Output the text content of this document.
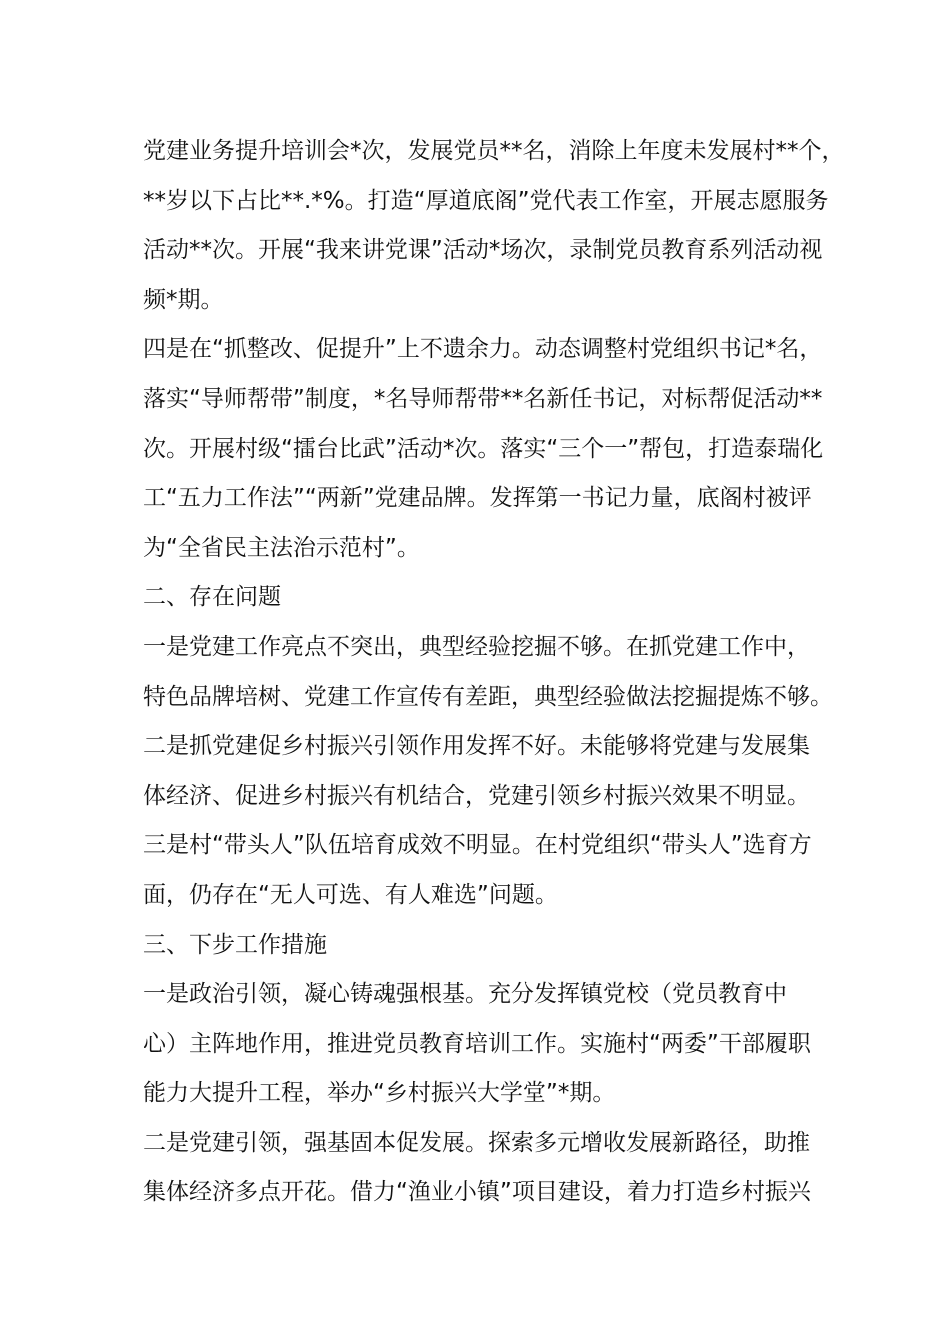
党建业务提升培训会*次，发展党员**名，消除上年度未发展村**个，
**岁以下占比**.*%。打造“厚道底阁”党代表工作室，开展志愿服务
活动**次。开展“我来讲党课”活动*场次，录制党员教育系列活动视
频*期。
四是在“抓整改、促提升”上不遗余力。动态调整村党组织书记*名，
落实“导师帮带”制度，*名导师帮带**名新任书记，对标帮促活动**
次。开展村级“擂台比武”活动*次。落实“三个一”帮包，打造泰瑞化
工“五力工作法”“两新”党建品牌。发挥第一书记力量，底阁村被评
为“全省民主法治示范村”。
二、存在问题
一是党建工作亮点不突出，典型经验挖掘不够。在抓党建工作中，
特色品牌培树、党建工作宣传有差距，典型经验做法挖掘提炼不够。
二是抓党建促乡村振兴引领作用发挥不好。未能够将党建与发展集
体经济、促进乡村振兴有机结合，党建引领乡村振兴效果不明显。
三是村“带头人”队伍培育成效不明显。在村党组织“带头人”选育方
面，仍存在“无人可选、有人难选”问题。
三、下步工作措施
一是政治引领，凝心铸魂强根基。充分发挥镇党校（党员教育中
心）主阵地作用，推进党员教育培训工作。实施村“两委”干部履职
能力大提升工程，举办“乡村振兴大学堂”*期。
二是党建引领，强基固本促发展。探索多元增收发展新路径，助推
集体经济多点开花。借力“渔业小镇”项目建设，着力打造乡村振兴
